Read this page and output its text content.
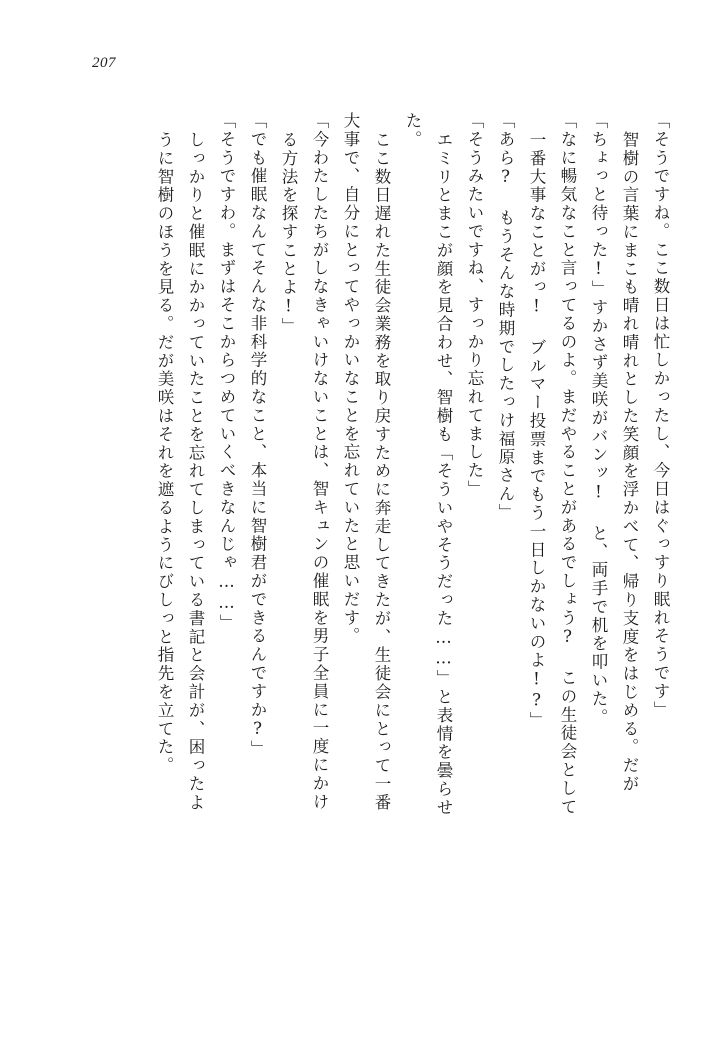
207
「そうですね。ここ数日は忙しかったし、今日はぐっすり眠れそうです」
智樹の言葉にまこも晴れ晴れとした笑顔を浮かべて、帰り支度をはじめる。だが
「ちょっと待った!」すかさず美咲がバンッ! と、両手で机を叩いた。
「なに暢気なこと言ってるのよ。まだやることがあるでしょう? この生徒会として
一番大事なことがっ! ブルマー投票までもう一日しかないのよ!?」
「あら? もうそんな時期でしたっけ福原さん」
「そうみたいですね、すっかり忘れてました」
エミリとまこが顔を見合わせ、智樹も「そういやそうだった……」と表情を曇らせ
た。
ここ数日遅れた生徒会業務を取り戻すために奔走してきたが、生徒会にとって一番
大事で、自分にとってやっかいなことを忘れていたと思いだす。
「今わたしたちがしなきゃいけないことは、智キュンの催眠を男子全員に一度にかけ
る方法を探すことよ!」
「でも催眠なんてそんな非科学的なこと、本当に智樹君ができるんですか?」
「そうですわ。まずはそこからつめていくべきなんじゃ……」
しっかりと催眠にかかっていたことを忘れてしまっている書記と会計が、困ったよ
うに智樹のほうを見る。だが美咲はそれを遮るようにびしっと指先を立てた。
